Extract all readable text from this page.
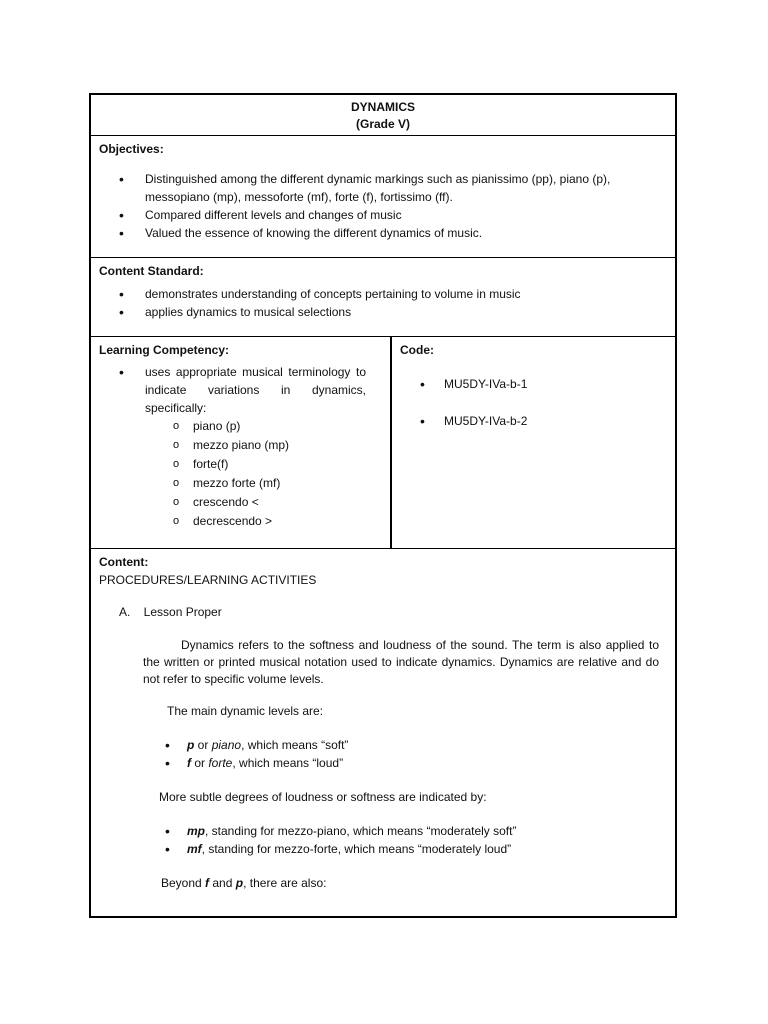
DYNAMICS
(Grade V)
Objectives:
• Distinguished among the different dynamic markings such as pianissimo (pp), piano (p), messopiano (mp), messoforte (mf), forte (f), fortissimo (ff).
• Compared different levels and changes of music
• Valued the essence of knowing the different dynamics of music.
Content Standard:
• demonstrates understanding of concepts pertaining to volume in music
• applies dynamics to musical selections
Learning Competency:
• uses appropriate musical terminology to indicate variations in dynamics, specifically:
o piano (p)
o mezzo piano (mp)
o forte(f)
o mezzo forte (mf)
o crescendo <
o decrescendo >
Code:
• MU5DY-IVa-b-1
• MU5DY-IVa-b-2
Content:
PROCEDURES/LEARNING ACTIVITIES
A.    Lesson Proper
Dynamics refers to the softness and loudness of the sound. The term is also applied to the written or printed musical notation used to indicate dynamics. Dynamics are relative and do not refer to specific volume levels.
The main dynamic levels are:
• p or piano, which means “soft”
• f or forte, which means “loud”
More subtle degrees of loudness or softness are indicated by:
• mp, standing for mezzo-piano, which means “moderately soft”
• mf, standing for mezzo-forte, which means “moderately loud”
Beyond f and p, there are also:
